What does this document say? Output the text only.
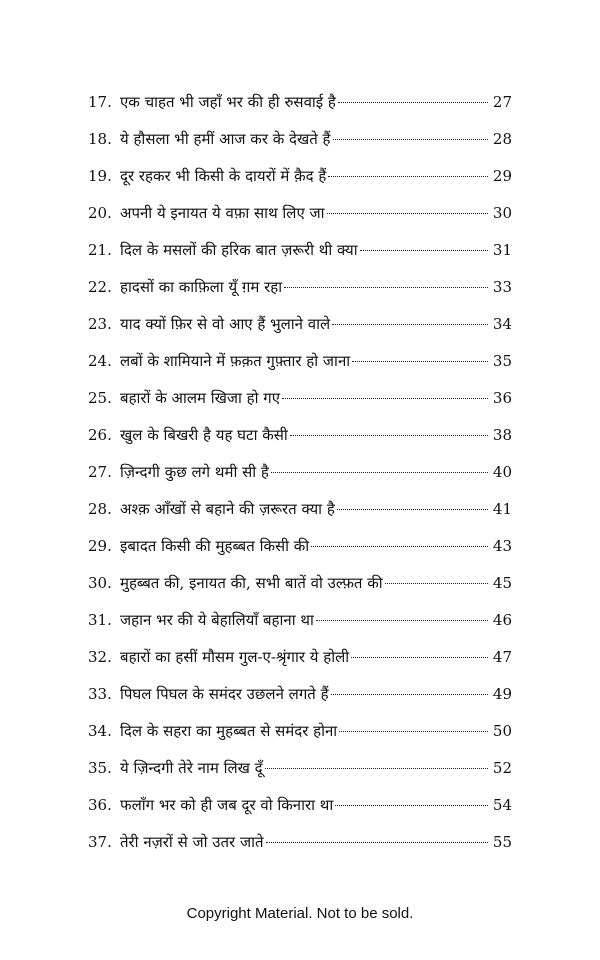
17. एक चाहत भी जहाँ भर की ही रुसवाई है	27
18. ये हौसला भी हमीं आज कर के देखते हैं	28
19. दूर रहकर भी किसी के दायरों में क़ैद हैं	29
20. अपनी ये इनायत ये वफ़ा साथ लिए जा	30
21. दिल के मसलों की हरिक बात ज़रूरी थी क्या	31
22. हादसों का काफ़िला यूँ ग़म रहा	33
23. याद क्यों फ़िर से वो आए हैं भुलाने वाले	34
24. लबों के शामियाने में फ़क़त गुफ़्तार हो जाना	35
25. बहारों के आलम खिजा हो गए	36
26. खुल के बिखरी है यह घटा कैसी	38
27. ज़िन्दगी कुछ लगे थमी सी है	40
28. अश्क़ आँखों से बहाने की ज़रूरत क्या है	41
29. इबादत किसी की मुहब्बत किसी की	43
30. मुहब्बत की, इनायत की, सभी बातें वो उल्फ़त की	45
31. जहान भर की ये बेहालियाँ बहाना था	46
32. बहारों का हसीं मौसम गुल-ए-श्रृंगार ये होली	47
33. पिघल पिघल के समंदर उछलने लगते हैं	49
34. दिल के सहरा का मुहब्बत से समंदर होना	50
35. ये ज़िन्दगी तेरे नाम लिख दूँ	52
36. फलाँग भर को ही जब दूर वो किनारा था	54
37. तेरी नज़रों से जो उतर जाते	55
Copyright Material. Not to be sold.
